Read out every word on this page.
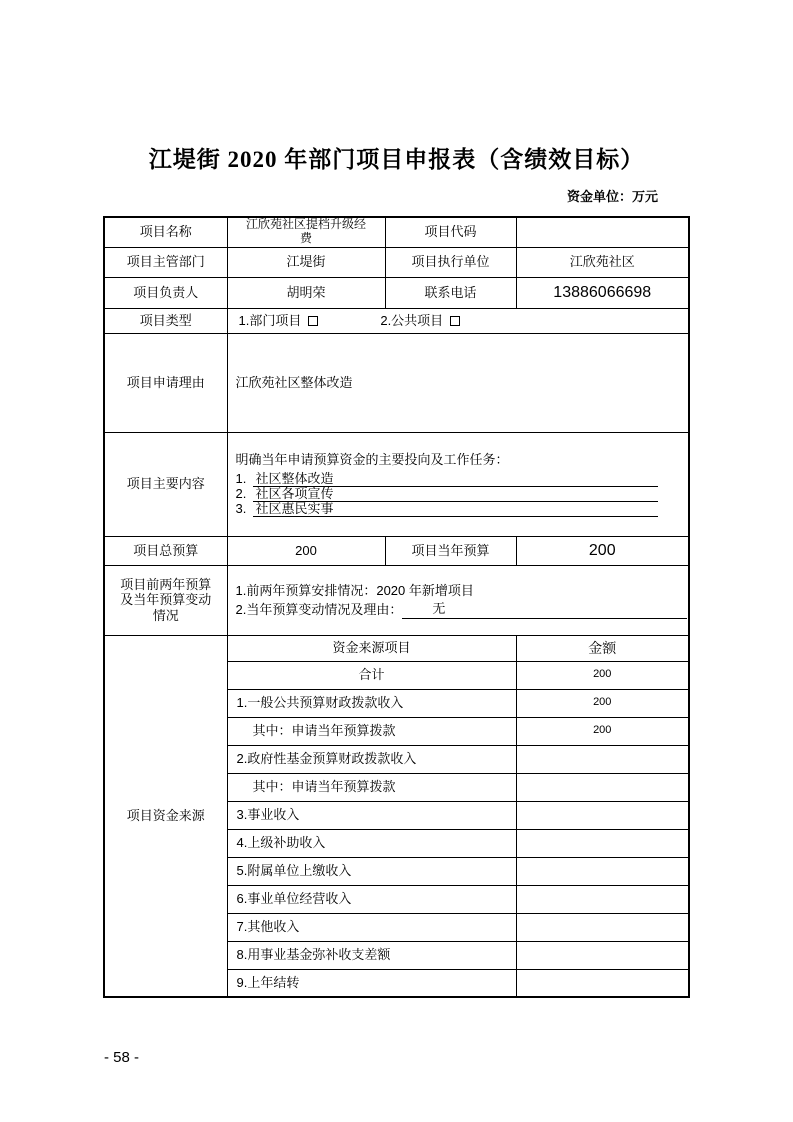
江堤街 2020 年部门项目申报表（含绩效目标）
资金单位：万元
项目名称	江欣苑社区提档升级经费	项目代码	
项目主管部门	江堤街	项目执行单位	江欣苑社区
项目负责人	胡明荣	联系电话	13886066698
项目类型	1.部门项目 2.公共项目		

项目申请理由	江欣苑社区整体改造		
项目主要内容	
明确当年申请预算资金的主要投向及工作任务：
1. 社区整体改造
2. 社区各项宣传
3. 社区惠民实事

项目总预算	200	项目当年预算	200
项目前两年预算及当年预算变动情况	1.前两年预算安排情况：2020 年新增项目
2.当年预算变动情况及理由： 无		

项目资金来源	资金来源项目		金额
	合计		200
	1.一般公共预算财政拨款收入		200
	其中：申请当年预算拨款		200
	2.政府性基金预算财政拨款收入		
	其中：申请当年预算拨款		
	3.事业收入		
	4.上级补助收入		
	5.附属单位上缴收入		
	6.事业单位经营收入		
	7.其他收入		
	8.用事业基金弥补收支差额		
	9.上年结转		
- 58 -
